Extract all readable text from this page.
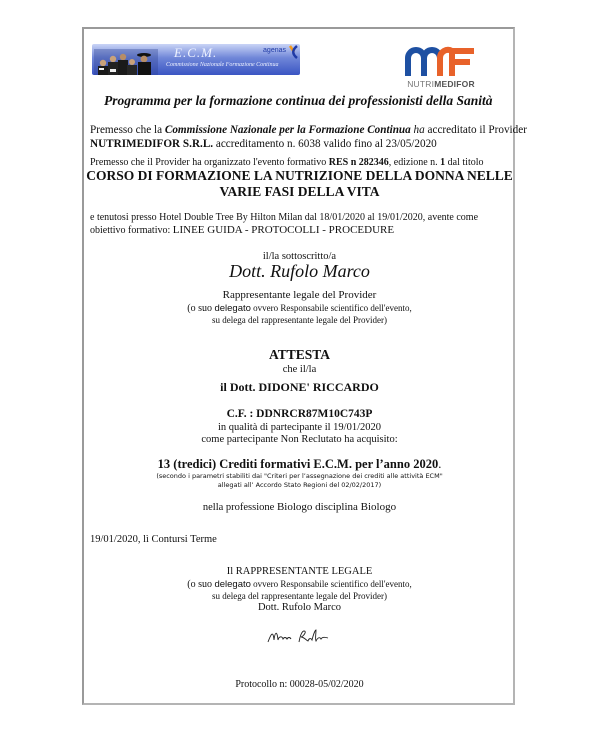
E.C.M.
Commissione Nazionale Formazione Continua
agenas
NUTRIMEDIFOR
Programma per la formazione continua dei professionisti della Sanità
Premesso che la Commissione Nazionale per la Formazione Continua ha accreditato il Provider
NUTRIMEDIFOR S.R.L. accreditamento n. 6038 valido fino al 23/05/2020
Premesso che il Provider ha organizzato l'evento formativo RES n 282346, edizione n. 1 dal titolo
CORSO DI FORMAZIONE LA NUTRIZIONE DELLA DONNA NELLE
VARIE FASI DELLA VITA
e tenutosi presso Hotel Double Tree By Hilton Milan dal 18/01/2020 al 19/01/2020, avente come
obiettivo formativo: LINEE GUIDA - PROTOCOLLI - PROCEDURE
il/la sottoscritto/a
Dott. Rufolo Marco
Rappresentante legale del Provider
(o suo delegato ovvero Responsabile scientifico dell'evento,
su delega del rappresentante legale del Provider)
ATTESTA
che il/la
il Dott. DIDONE' RICCARDO
C.F. : DDNRCR87M10C743P
in qualità di partecipante il 19/01/2020
come partecipante Non Reclutato ha acquisito:
13 (tredici) Crediti formativi E.C.M. per l’anno 2020.
(secondo i parametri stabiliti dai "Criteri per l’assegnazione dei crediti alle attività ECM"
allegati all’ Accordo Stato Regioni del 02/02/2017)
nella professione Biologo disciplina Biologo
19/01/2020, lì Contursi Terme
Il RAPPRESENTANTE LEGALE
(o suo delegato ovvero Responsabile scientifico dell'evento,
su delega del rappresentante legale del Provider)
Dott. Rufolo Marco
Protocollo n: 00028-05/02/2020
